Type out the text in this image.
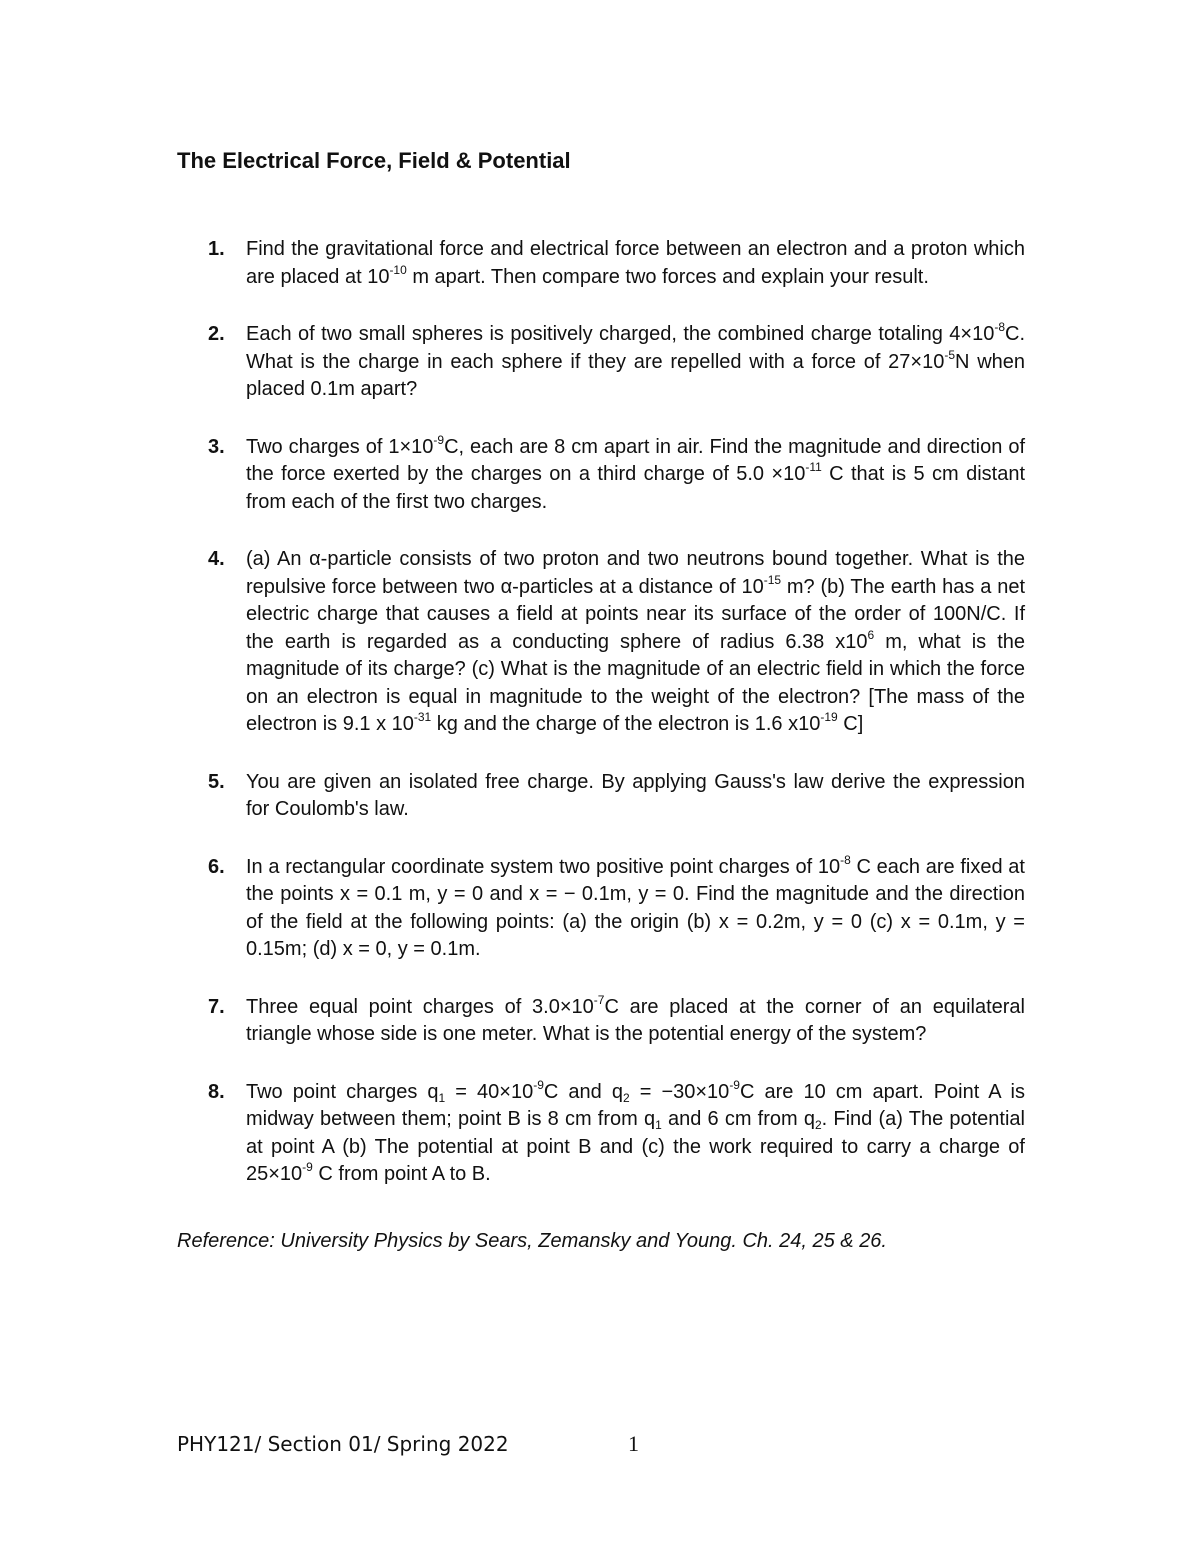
The Electrical Force, Field & Potential
1. Find the gravitational force and electrical force between an electron and a proton which are placed at $10^{-10}$ m apart. Then compare two forces and explain your result.
2. Each of two small spheres is positively charged, the combined charge totaling $4\times 10^{-8}C$. What is the charge in each sphere if they are repelled with a force of $27\times 10^{-5}N$ when placed 0.1m apart?
3. Two charges of $1\times 10^{-9}C$, each are 8 cm apart in air. Find the magnitude and direction of the force exerted by the charges on a third charge of $5.0 \times 10^{-11}$ C that is 5 cm distant from each of the first two charges.
4. (a) An α-particle consists of two proton and two neutrons bound together. What is the repulsive force between two α-particles at a distance of $10^{-15}$ m? (b) The earth has a net electric charge that causes a field at points near its surface of the order of 100N/C. If the earth is regarded as a conducting sphere of radius 6.38 $x10^6$ m, what is the magnitude of its charge? (c) What is the magnitude of an electric field in which the force on an electron is equal in magnitude to the weight of the electron? [The mass of the electron is 9.1 x $10^{-31}$ kg and the charge of the electron is 1.6 $x10^{-19}$ C]
5. You are given an isolated free charge. By applying Gauss's law derive the expression for Coulomb's law.
6. In a rectangular coordinate system two positive point charges of $10^{-8}$ C each are fixed at the points x = 0.1 m, y = 0 and x = − 0.1m, y = 0. Find the magnitude and the direction of the field at the following points: (a) the origin (b) x = 0.2m, y = 0 (c) x = 0.1m, y = 0.15m; (d) x = 0, y = 0.1m.
7. Three equal point charges of $3.0\times 10^{-7}C$ are placed at the corner of an equilateral triangle whose side is one meter. What is the potential energy of the system?
8. Two point charges $q_1 = 40\times 10^{-9}C$ and $q_2 = -30\times 10^{-9}C$ are 10 cm apart. Point A is midway between them; point B is 8 cm from $q_1$ and 6 cm from $q_2$. Find (a) The potential at point A (b) The potential at point B and (c) the work required to carry a charge of $25\times 10^{-9}$ C from point A to B.
Reference: University Physics by Sears, Zemansky and Young. Ch. 24, 25 & 26.
PHY121/ Section 01/ Spring 2022	1
